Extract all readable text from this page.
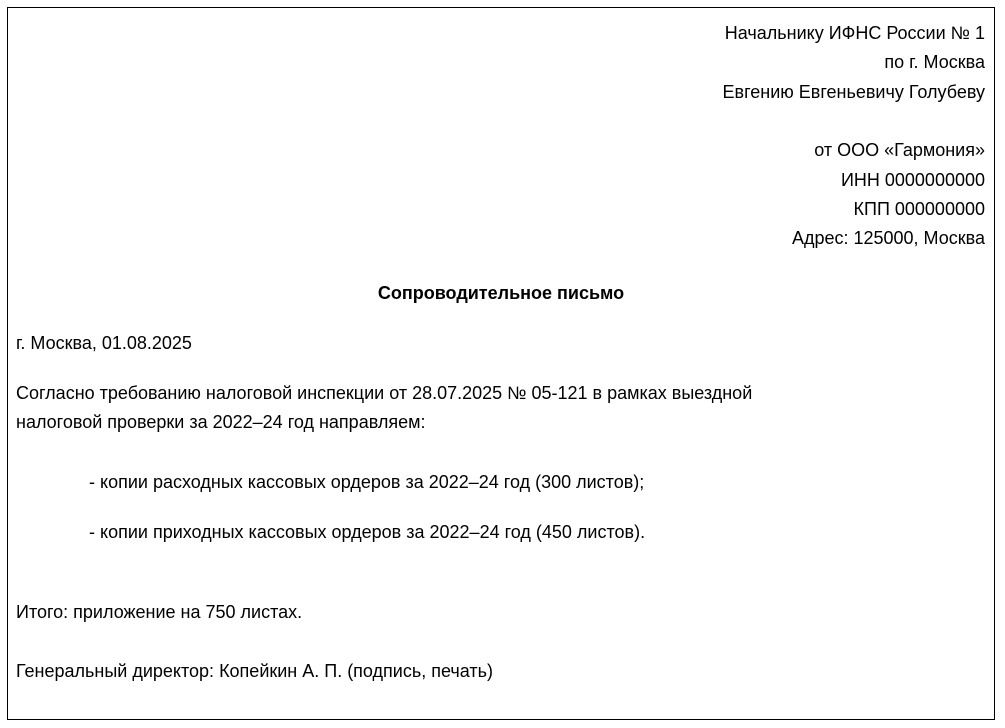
Начальнику ИФНС России № 1
по г. Москва
Евгению Евгеньевичу Голубеву
от ООО «Гармония»
ИНН 0000000000
КПП 000000000
Адрес: 125000, Москва
Сопроводительное письмо
г. Москва, 01.08.2025
Согласно требованию налоговой инспекции от 28.07.2025 № 05-121 в рамках выездной
налоговой проверки за 2022–24 год направляем:
- копии расходных кассовых ордеров за 2022–24 год (300 листов);
- копии приходных кассовых ордеров за 2022–24 год (450 листов).
Итого: приложение на 750 листах.
Генеральный директор: Копейкин А. П. (подпись, печать)
